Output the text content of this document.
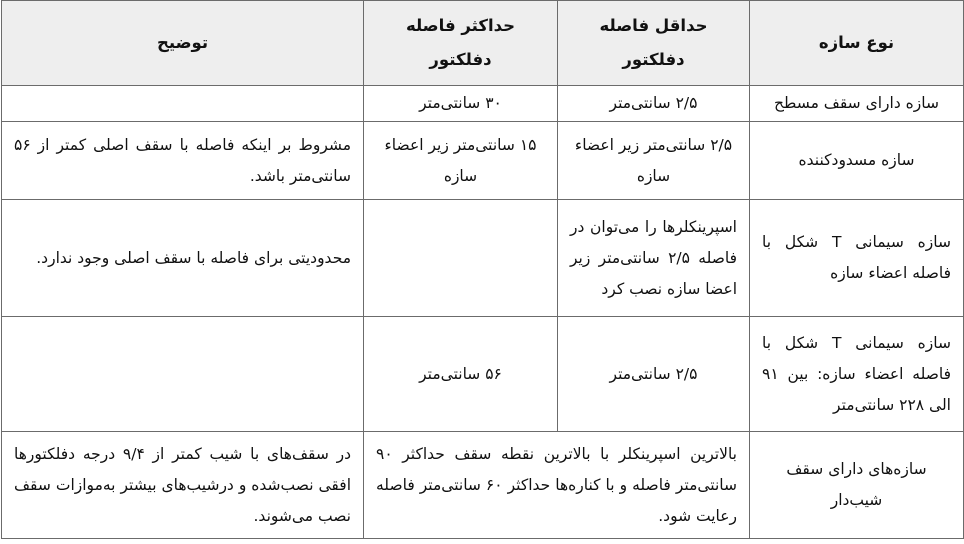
نوع سازه	حداقل فاصله دفلکتور	حداکثر فاصله دفلکتور	توضیح
سازه دارای سقف مسطح	۲/۵ سانتی‌متر	۳۰ سانتی‌متر	
سازه مسدودکننده	۲/۵ سانتی‌متر زیر اعضاء سازه	۱۵ سانتی‌متر زیر اعضاء سازه	مشروط بر اینکه فاصله با سقف اصلی کمتر از ۵۶ سانتی‌متر باشد.
سازه سیمانی T شکل با فاصله اعضاء سازه	اسپرینکلرها را می‌توان در فاصله ۲/۵ سانتی‌متر زیر اعضا سازه نصب کرد		محدودیتی برای فاصله با سقف اصلی وجود ندارد.
سازه سیمانی T شکل با فاصله اعضاء سازه: بین ۹۱ الی ۲۲۸ سانتی‌متر	۲/۵ سانتی‌متر	۵۶ سانتی‌متر	
سازه‌های دارای سقف شیب‌دار	بالاترین اسپرینکلر با بالاترین نقطه سقف حداکثر ۹۰ سانتی‌متر فاصله و با کناره‌ها حداکثر ۶۰ سانتی‌متر فاصله رعایت شود.		در سقف‌های با شیب کمتر از ۹/۴ درجه دفلکتورها افقی نصب‌شده و درشیب‌های بیشتر به‌موازات سقف نصب می‌شوند.
